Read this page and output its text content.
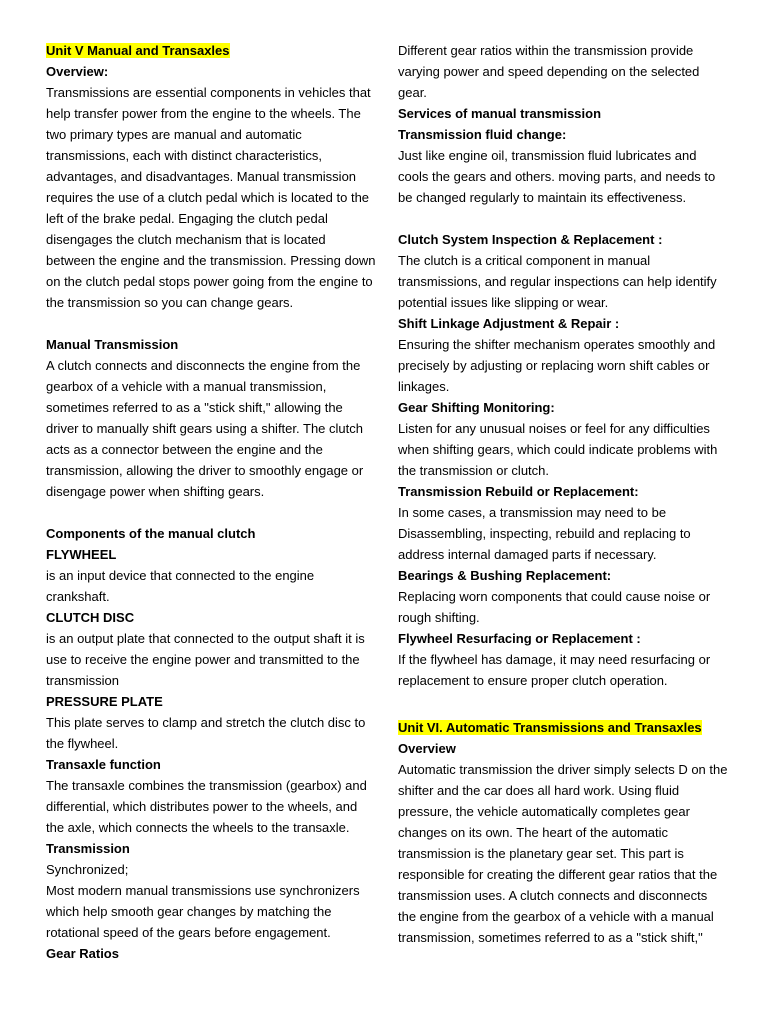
Unit V Manual and Transaxles

Overview:

Transmissions are essential components in vehicles that help transfer power from the engine to the wheels. The two primary types are manual and automatic transmissions, each with distinct characteristics, advantages, and disadvantages. Manual transmission requires the use of a clutch pedal which is located to the left of the brake pedal. Engaging the clutch pedal disengages the clutch mechanism that is located between the engine and the transmission. Pressing down on the clutch pedal stops power going from the engine to the transmission so you can change gears.

Manual Transmission

A clutch connects and disconnects the engine from the gearbox of a vehicle with a manual transmission, sometimes referred to as a "stick shift," allowing the driver to manually shift gears using a shifter. The clutch acts as a connector between the engine and the transmission, allowing the driver to smoothly engage or disengage power when shifting gears.

Components of the manual clutch

FLYWHEEL

is an input device that connected to the engine crankshaft.

CLUTCH DISC

is an output plate that connected to the output shaft it is use to receive the engine power and transmitted to the transmission

PRESSURE PLATE

This plate serves to clamp and stretch the clutch disc to the flywheel.

Transaxle function

The transaxle combines the transmission (gearbox) and differential, which distributes power to the wheels, and the axle, which connects the wheels to the transaxle.

Transmission

Synchronized;

Most modern manual transmissions use synchronizers which help smooth gear changes by matching the rotational speed of the gears before engagement.

Gear Ratios

Different gear ratios within the transmission provide varying power and speed depending on the selected gear.

Services of manual transmission

Transmission fluid change:

Just like engine oil, transmission fluid lubricates and cools the gears and others. moving parts, and needs to be changed regularly to maintain its effectiveness.

Clutch System Inspection & Replacement :

The clutch is a critical component in manual transmissions, and regular inspections can help identify potential issues like slipping or wear.

Shift Linkage Adjustment & Repair :

Ensuring the shifter mechanism operates smoothly and precisely by adjusting or replacing worn shift cables or linkages.

Gear Shifting Monitoring:

Listen for any unusual noises or feel for any difficulties when shifting gears, which could indicate problems with the transmission or clutch.

Transmission Rebuild or Replacement:

In some cases, a transmission may need to be Disassembling, inspecting, rebuild and replacing to address internal damaged parts if necessary.

Bearings & Bushing Replacement:

Replacing worn components that could cause noise or rough shifting.

Flywheel Resurfacing or Replacement :

If the flywheel has damage, it may need resurfacing or replacement to ensure proper clutch operation.

Unit VI. Automatic Transmissions and Transaxles

Overview

Automatic transmission the driver simply selects D on the shifter and the car does all hard work. Using fluid pressure, the vehicle automatically completes gear changes on its own. The heart of the automatic transmission is the planetary gear set. This part is responsible for creating the different gear ratios that the transmission uses. A clutch connects and disconnects the engine from the gearbox of a vehicle with a manual transmission, sometimes referred to as a "stick shift,"
